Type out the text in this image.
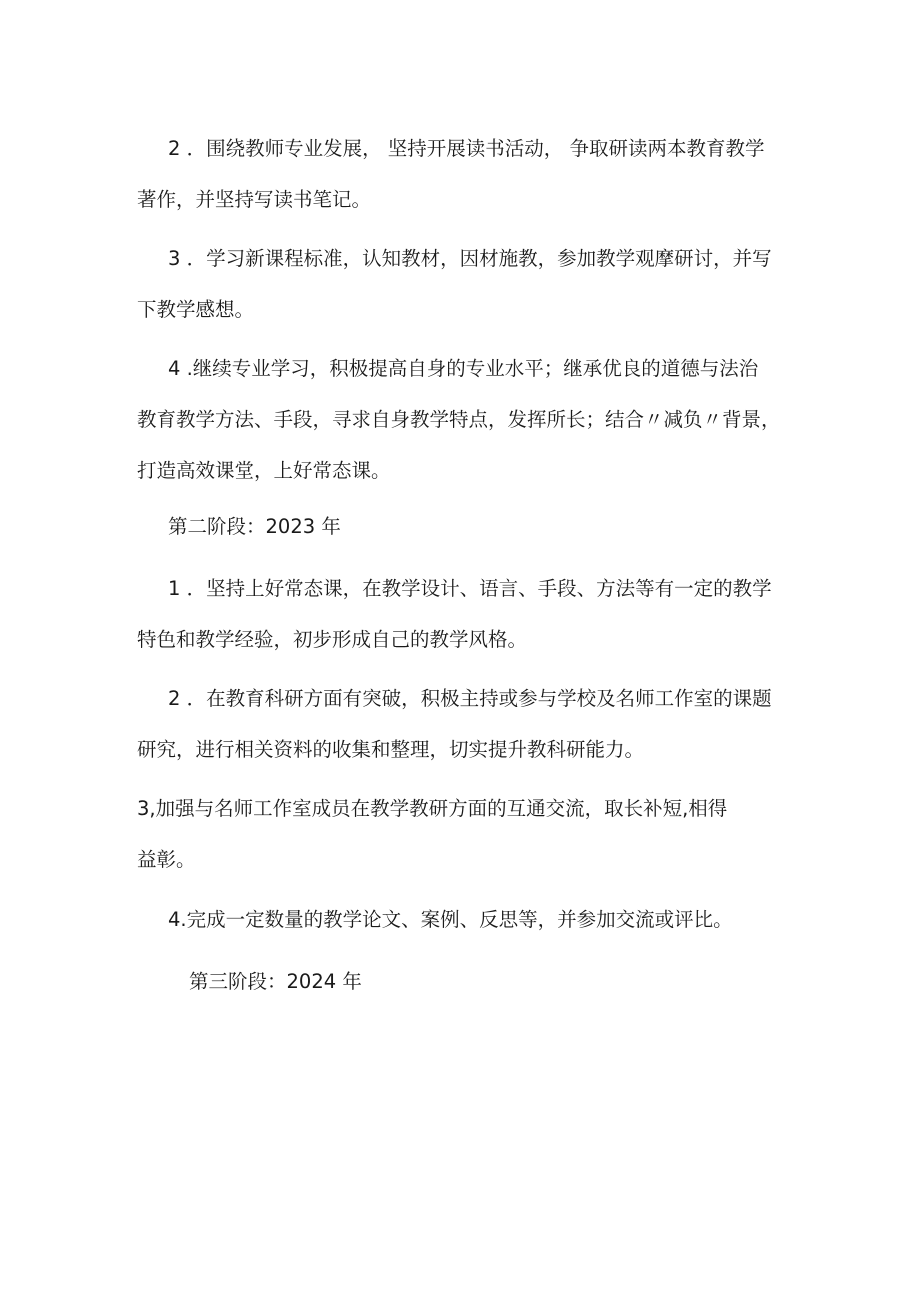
2 ．围绕教师专业发展， 坚持开展读书活动， 争取研读两本教育教学
著作，并坚持写读书笔记。

3 ．学习新课程标准，认知教材，因材施教，参加教学观摩研讨，并写
下教学感想。

4 .继续专业学习，积极提高自身的专业水平；继承优良的道德与法治
教育教学方法、手段，寻求自身教学特点，发挥所长；结合〃减负〃背景，
打造高效课堂，上好常态课。

第二阶段：2023 年

1 ．坚持上好常态课，在教学设计、语言、手段、方法等有一定的教学
特色和教学经验，初步形成自己的教学风格。

2 ．在教育科研方面有突破，积极主持或参与学校及名师工作室的课题
研究，进行相关资料的收集和整理，切实提升教科研能力。

3,加强与名师工作室成员在教学教研方面的互通交流，取长补短,相得
益彰。

4.完成一定数量的教学论文、案例、反思等，并参加交流或评比。

第三阶段：2024 年
